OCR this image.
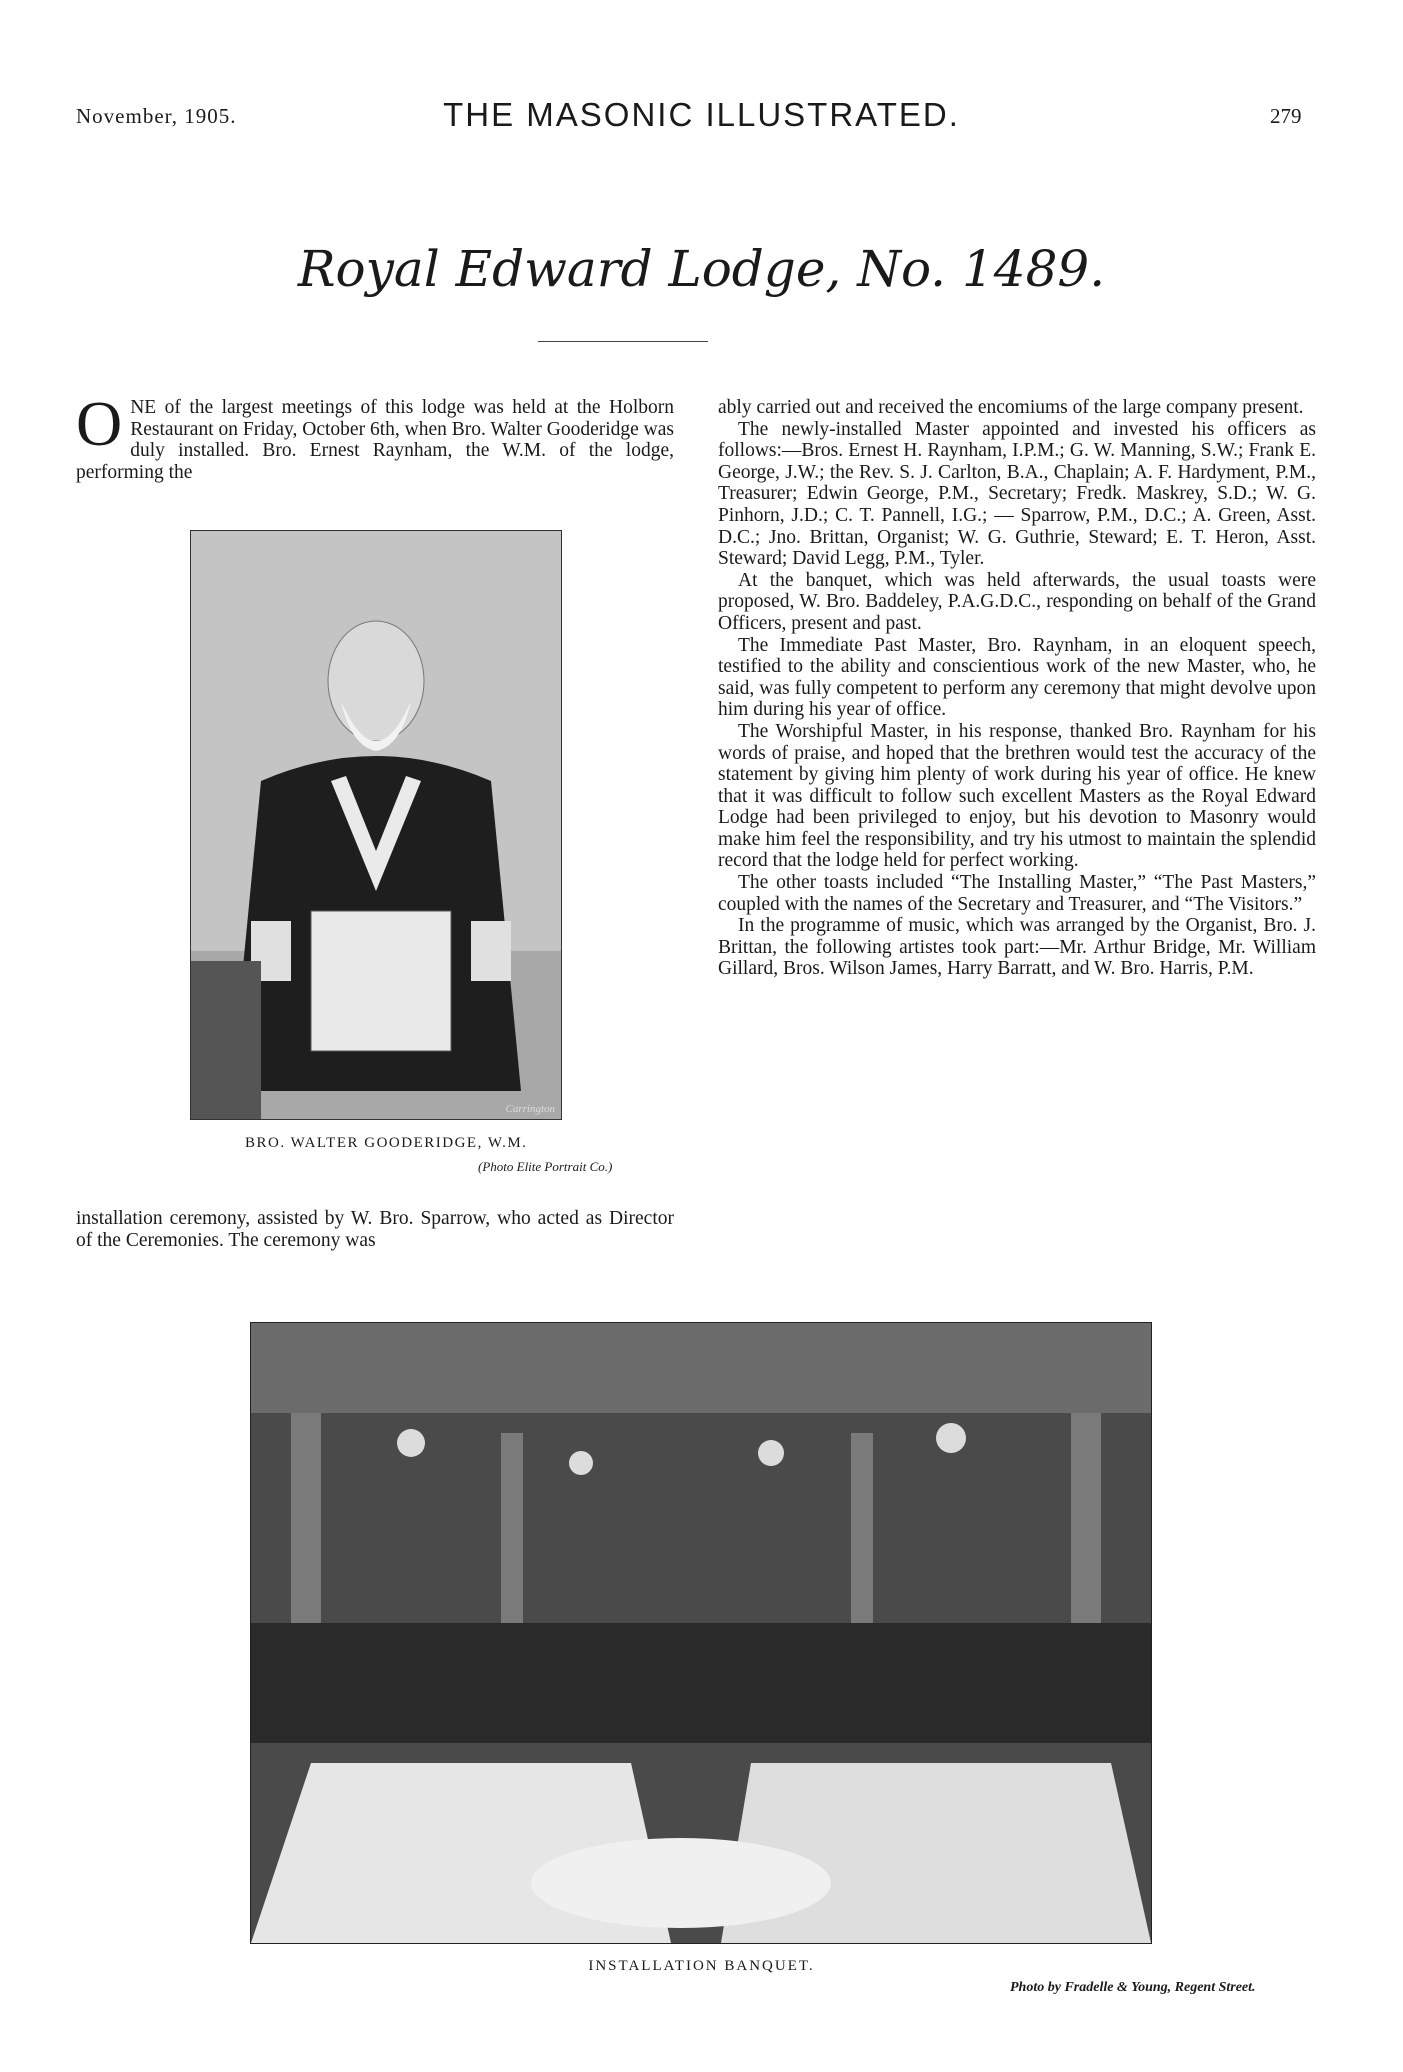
November, 1905.	THE MASONIC ILLUSTRATED.	279
Royal Edward Lodge, No. 1489.

ONE of the largest meetings of this lodge was held at the Holborn Restaurant on Friday, October 6th, when Bro. Walter Gooderidge was duly installed. Bro. Ernest Raynham, the W.M. of the lodge, performing the

Carrington
BRO. WALTER GOODERIDGE, W.M.
(Photo Elite Portrait Co.)

installation ceremony, assisted by W. Bro. Sparrow, who acted as Director of the Ceremonies. The ceremony was

ably carried out and received the encomiums of the large company present.

The newly-installed Master appointed and invested his officers as follows:—Bros. Ernest H. Raynham, I.P.M.; G. W. Manning, S.W.; Frank E. George, J.W.; the Rev. S. J. Carlton, B.A., Chaplain; A. F. Hardyment, P.M., Treasurer; Edwin George, P.M., Secretary; Fredk. Maskrey, S.D.; W. G. Pinhorn, J.D.; C. T. Pannell, I.G.; — Sparrow, P.M., D.C.; A. Green, Asst. D.C.; Jno. Brittan, Organist; W. G. Guthrie, Steward; E. T. Heron, Asst. Steward; David Legg, P.M., Tyler.

At the banquet, which was held afterwards, the usual toasts were proposed, W. Bro. Baddeley, P.A.G.D.C., responding on behalf of the Grand Officers, present and past.

The Immediate Past Master, Bro. Raynham, in an eloquent speech, testified to the ability and conscientious work of the new Master, who, he said, was fully competent to perform any ceremony that might devolve upon him during his year of office.

The Worshipful Master, in his response, thanked Bro. Raynham for his words of praise, and hoped that the brethren would test the accuracy of the statement by giving him plenty of work during his year of office. He knew that it was difficult to follow such excellent Masters as the Royal Edward Lodge had been privileged to enjoy, but his devotion to Masonry would make him feel the responsibility, and try his utmost to maintain the splendid record that the lodge held for perfect working.

The other toasts included “The Installing Master,” “The Past Masters,” coupled with the names of the Secretary and Treasurer, and “The Visitors.”

In the programme of music, which was arranged by the Organist, Bro. J. Brittan, the following artistes took part:—Mr. Arthur Bridge, Mr. William Gillard, Bros. Wilson James, Harry Barratt, and W. Bro. Harris, P.M.

Carrington
INSTALLATION BANQUET.
Photo by Fradelle & Young, Regent Street.
